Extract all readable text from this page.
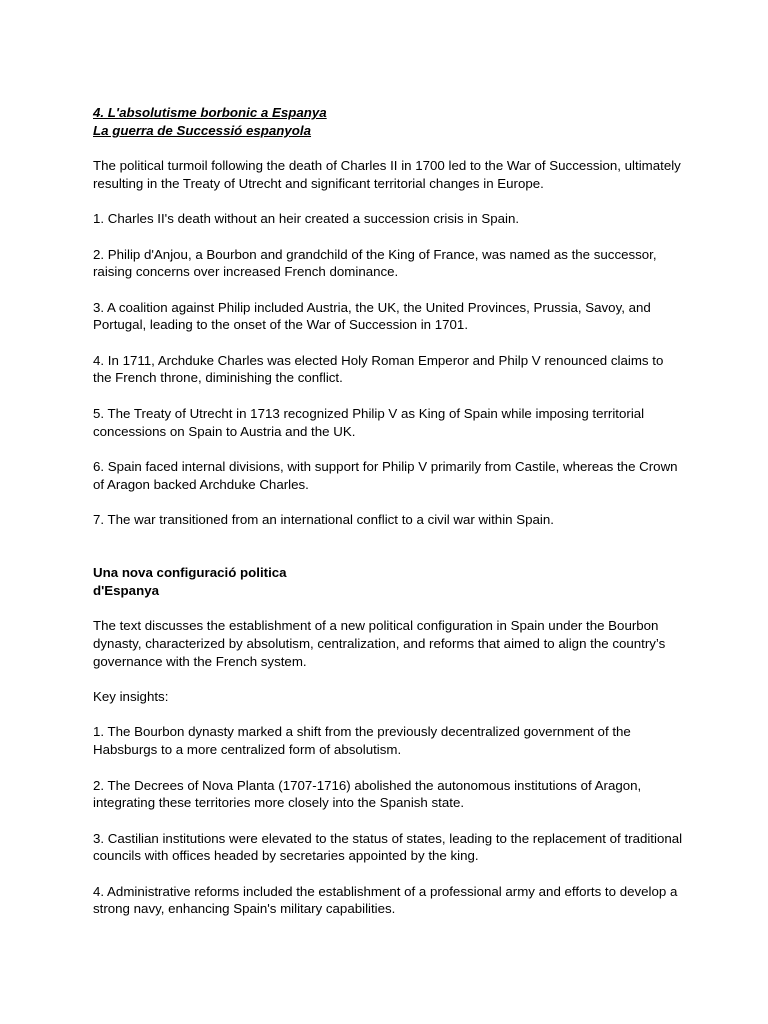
4. L'absolutisme borbonic a Espanya

La guerra de Successió espanyola

The political turmoil following the death of Charles II in 1700 led to the War of Succession, ultimately resulting in the Treaty of Utrecht and significant territorial changes in Europe.

1. Charles II's death without an heir created a succession crisis in Spain.

2. Philip d'Anjou, a Bourbon and grandchild of the King of France, was named as the successor, raising concerns over increased French dominance.

3. A coalition against Philip included Austria, the UK, the United Provinces, Prussia, Savoy, and Portugal, leading to the onset of the War of Succession in 1701.

4. In 1711, Archduke Charles was elected Holy Roman Emperor and Philp V renounced claims to the French throne, diminishing the conflict.

5. The Treaty of Utrecht in 1713 recognized Philip V as King of Spain while imposing territorial concessions on Spain to Austria and the UK.

6. Spain faced internal divisions, with support for Philip V primarily from Castile, whereas the Crown of Aragon backed Archduke Charles.

7. The war transitioned from an international conflict to a civil war within Spain.

Una nova configuració politica

d'Espanya

The text discusses the establishment of a new political configuration in Spain under the Bourbon dynasty, characterized by absolutism, centralization, and reforms that aimed to align the country’s governance with the French system.

Key insights:

1. The Bourbon dynasty marked a shift from the previously decentralized government of the Habsburgs to a more centralized form of absolutism.

2. The Decrees of Nova Planta (1707-1716) abolished the autonomous institutions of Aragon, integrating these territories more closely into the Spanish state.

3. Castilian institutions were elevated to the status of states, leading to the replacement of traditional councils with offices headed by secretaries appointed by the king.

4. Administrative reforms included the establishment of a professional army and efforts to develop a strong navy, enhancing Spain's military capabilities.
